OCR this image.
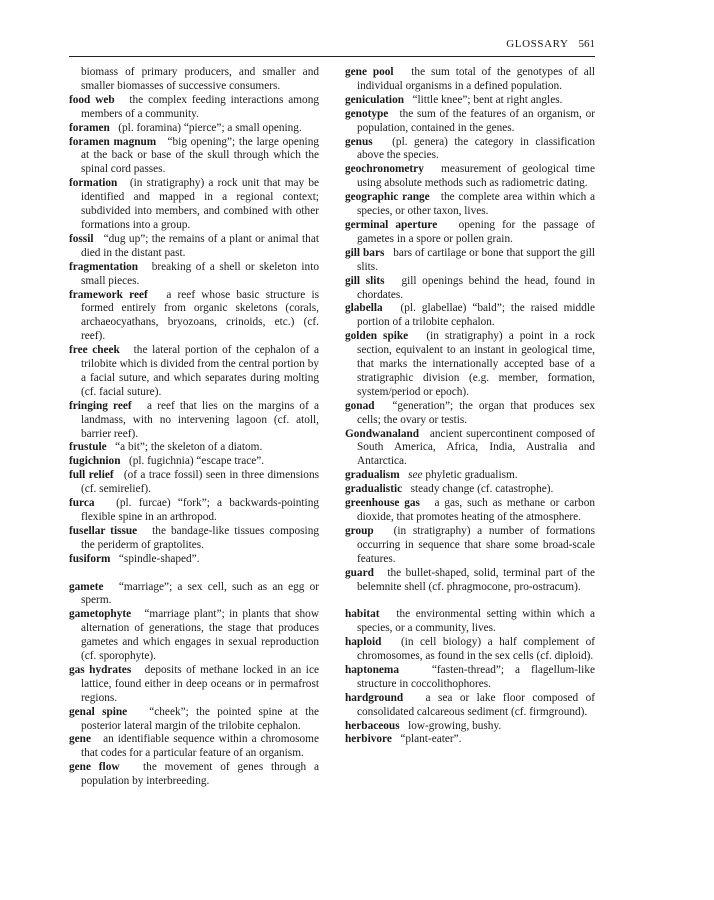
GLOSSARY 561

biomass of primary producers, and smaller and smaller biomasses of successive consumers.

food web the complex feeding interactions among members of a community.

foramen (pl. foramina) “pierce”; a small opening.

foramen magnum “big opening”; the large opening at the back or base of the skull through which the spinal cord passes.

formation (in stratigraphy) a rock unit that may be identified and mapped in a regional context; subdivided into members, and combined with other formations into a group.

fossil “dug up”; the remains of a plant or animal that died in the distant past.

fragmentation breaking of a shell or skeleton into small pieces.

framework reef a reef whose basic structure is formed entirely from organic skeletons (corals, archaeocyathans, bryozoans, crinoids, etc.) (cf. reef).

free cheek the lateral portion of the cephalon of a trilobite which is divided from the central portion by a facial suture, and which separates during molting (cf. facial suture).

fringing reef a reef that lies on the margins of a landmass, with no intervening lagoon (cf. atoll, barrier reef).

frustule “a bit”; the skeleton of a diatom.

fugichnion (pl. fugichnia) “escape trace”.

full relief (of a trace fossil) seen in three dimensions (cf. semirelief).

furca (pl. furcae) “fork”; a backwards-pointing flexible spine in an arthropod.

fusellar tissue the bandage-like tissues composing the periderm of graptolites.

fusiform “spindle-shaped”.

gamete “marriage”; a sex cell, such as an egg or sperm.

gametophyte “marriage plant”; in plants that show alternation of generations, the stage that produces gametes and which engages in sexual reproduction (cf. sporophyte).

gas hydrates deposits of methane locked in an ice lattice, found either in deep oceans or in permafrost regions.

genal spine “cheek”; the pointed spine at the posterior lateral margin of the trilobite cephalon.

gene an identifiable sequence within a chromosome that codes for a particular feature of an organism.

gene flow the movement of genes through a population by interbreeding.

gene pool the sum total of the genotypes of all individual organisms in a defined population.

geniculation “little knee”; bent at right angles.

genotype the sum of the features of an organism, or population, contained in the genes.

genus (pl. genera) the category in classification above the species.

geochronometry measurement of geological time using absolute methods such as radiometric dating.

geographic range the complete area within which a species, or other taxon, lives.

germinal aperture opening for the passage of gametes in a spore or pollen grain.

gill bars bars of cartilage or bone that support the gill slits.

gill slits gill openings behind the head, found in chordates.

glabella (pl. glabellae) “bald”; the raised middle portion of a trilobite cephalon.

golden spike (in stratigraphy) a point in a rock section, equivalent to an instant in geological time, that marks the internationally accepted base of a stratigraphic division (e.g. member, formation, system/period or epoch).

gonad “generation”; the organ that produces sex cells; the ovary or testis.

Gondwanaland ancient supercontinent composed of South America, Africa, India, Australia and Antarctica.

gradualism see phyletic gradualism.

gradualistic steady change (cf. catastrophe).

greenhouse gas a gas, such as methane or carbon dioxide, that promotes heating of the atmosphere.

group (in stratigraphy) a number of formations occurring in sequence that share some broad-scale features.

guard the bullet-shaped, solid, terminal part of the belemnite shell (cf. phragmocone, pro-ostracum).

habitat the environmental setting within which a species, or a community, lives.

haploid (in cell biology) a half complement of chromosomes, as found in the sex cells (cf. diploid).

haptonema	“fasten-thread”; a flagellum-like structure in coccolithophores.

hardground a sea or lake floor composed of consolidated calcareous sediment (cf. firmground).

herbaceous low-growing, bushy.

herbivore “plant-eater”.
